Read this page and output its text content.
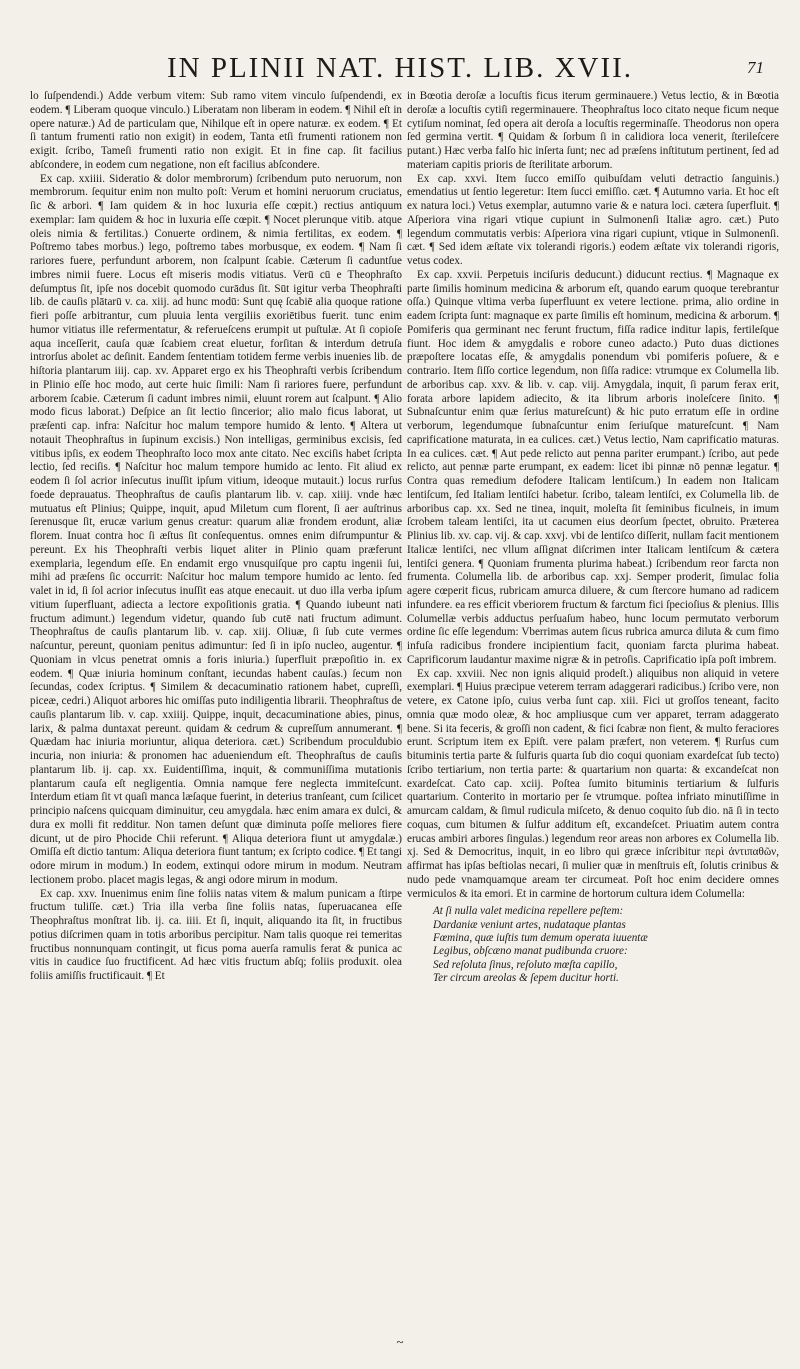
IN PLINII NAT. HIST. LIB. XVII.	71

lo ſuſpendendi.) Adde verbum vitem: Sub ramo vitem vinculo ſuſpendendi, ex eodem. ¶ Liberam quoque vinculo.) Liberatam non liberam in eodem. ¶ Nihil eſt in opere naturæ.) Ad de particulam que, Nihilque eſt in opere naturæ. ex eodem. ¶ Et ſi tantum frumenti ratio non exigit) in eodem, Tanta etſi frumenti rationem non exigit. ſcribo, Tameſi frumenti ratio non exigit. Et in fine cap. ſit facilius abſcondere, in eodem cum negatione, non eſt facilius abſcondere.

Ex cap. xxiiii. Sideratio & dolor membrorum) ſcribendum puto neruorum, non membrorum. ſequitur enim non multo poſt: Verum et homini neruorum cruciatus, ſic & arbori. ¶ Iam quidem & in hoc luxuria eſſe cœpit.) rectius antiquum exemplar: Iam quidem & hoc in luxuria eſſe cœpit. ¶ Nocet plerunque vitib. atque oleis nimia & fertilitas.) Conuerte ordinem, & nimia fertilitas, ex eodem. ¶ Poſtremo tabes morbus.) lego, poſtremo tabes morbusque, ex eodem. ¶ Nam ſi rariores fuere, perfundunt arborem, non ſcalpunt ſcabie. Cæterum ſi caduntſue imbres nimii fuere. Locus eſt miseris modis vitiatus. Verū cū e Theophraſto deſumptus ſit, ipſe nos docebit quomodo curādus ſit. Sūt igitur verba Theophraſti lib. de cauſis plātarū v. ca. xiij. ad hunc modū: Sunt quę ſcabiē alia quoque ratione fieri poſſe arbitrantur, cum pluuia lenta vergiliis exoriētibus fuerit. tunc enim humor vitiatus ille refermentatur, & referueſcens erumpit ut puſtulæ. At ſi copioſe aqua inceſſerit, cauſa quæ ſcabiem creat eluetur, forſitan & interdum detruſa introrſus abolet ac deſinit. Eandem ſententiam totidem ferme verbis inuenies lib. de hiſtoria plantarum iiij. cap. xv. Apparet ergo ex his Theophraſti verbis ſcribendum in Plinio eſſe hoc modo, aut certe huic ſimili: Nam ſi rariores fuere, perfundunt arborem ſcabie. Cæterum ſi cadunt imbres nimii, eluunt rorem aut ſcalpunt. ¶ Alio modo ficus laborat.) Deſpice an ſit lectio ſincerior; alio malo ficus laborat, ut præſenti cap. infra: Naſcitur hoc malum tempore humido & lento. ¶ Altera ut notauit Theophraſtus in ſupinum excisis.) Non intelligas, germinibus excisis, ſed vitibus ipſis, ex eodem Theophraſto loco mox ante citato. Nec exciſis habet ſcripta lectio, ſed reciſis. ¶ Naſcitur hoc malum tempore humido ac lento. Fit aliud ex eodem ſi ſol acrior inſecutus inuſſit ipſum vitium, ideoque mutauit.) locus rurſus foede deprauatus. Theophraſtus de cauſis plantarum lib. v. cap. xiiij. vnde hæc mutuatus eſt Plinius; Quippe, inquit, apud Miletum cum florent, ſi aer auſtrinus ſerenusque ſit, erucæ varium genus creatur: quarum aliæ frondem erodunt, aliæ florem. Inuat contra hoc ſi æſtus ſit conſequentus. omnes enim diſrumpuntur & pereunt. Ex his Theophraſti verbis liquet aliter in Plinio quam præferunt exemplaria, legendum eſſe. En endamit ergo vnusquiſque pro captu ingenii ſui, mihi ad præſens ſic occurrit: Naſcitur hoc malum tempore humido ac lento. ſed valet in id, ſi ſol acrior inſecutus inuſſit eas atque enecauit. ut duo illa verba ipſum vitium ſuperfluant, adiecta a lectore expoſitionis gratia. ¶ Quando iubeunt nati fructum adimunt.) legendum videtur, quando ſub cutē nati fructum adimunt. Theophraſtus de cauſis plantarum lib. v. cap. xiij. Oliuæ, ſi ſub cute vermes naſcuntur, pereunt, quoniam penitus adimuntur: ſed ſi in ipſo nucleo, augentur. ¶ Quoniam in vlcus penetrat omnis a foris iniuria.) ſuperfluit præpoſitio in. ex eodem. ¶ Quæ iniuria hominum conſtant, iecundas habent cauſas.) ſecum non ſecundas, codex ſcriptus. ¶ Similem & decacuminatio rationem habet, cupreſſi, piceæ, cedri.) Aliquot arbores hic omiſſas puto indiligentia librarii. Theophraſtus de cauſis plantarum lib. v. cap. xxiiij. Quippe, inquit, decacuminatione abies, pinus, larix, & palma duntaxat pereunt. quidam & cedrum & cupreſſum annumerant. ¶ Quædam hac iniuria moriuntur, aliqua deteriora. cæt.) Scribendum proculdubio incuria, non iniuria: & pronomen hac adueniendum eſt. Theophraſtus de cauſis plantarum lib. ij. cap. xx. Euidentiſſima, inquit, & communiſſima mutationis plantarum cauſa eſt negligentia. Omnia namque fere neglecta immiteſcunt. Interdum etiam ſit vt quaſi manca læſaque fuerint, in deterius tranſeant, cum ſcilicet principio naſcens quicquam diminuitur, ceu amygdala. hæc enim amara ex dulci, & dura ex molli fit redditur. Non tamen deſunt quæ diminuta poſſe meliores fiere dicunt, ut de piro Phocide Chii referunt. ¶ Aliqua deteriora fiunt ut amygdalæ.) Omiſſa eſt dictio tantum: Aliqua deteriora fiunt tantum; ex ſcripto codice. ¶ Et tangi odore mirum in modum.) In eodem, extinqui odore mirum in modum. Neutram lectionem probo. placet magis legas, & angi odore mirum in modum.

Ex cap. xxv. Inuenimus enim ſine foliis natas vitem & malum punicam a ſtirpe fructum tuliſſe. cæt.) Tria illa verba ſine foliis natas, ſuperuacanea eſſe Theophraſtus monſtrat lib. ij. ca. iiii. Et ſi, inquit, aliquando ita ſit, in fructibus potius diſcrimen quam in totis arboribus percipitur. Nam talis quoque rei temeritas fructibus nonnunquam contingit, ut ficus poma auerſa ramulis ferat & punica ac vitis in caudice ſuo fructificent. Ad hæc vitis fructum abſq; foliis produxit. olea foliis amiſſis fructificauit. ¶ Et

in Bœotia deroſæ a locuſtis ficus iterum germinauere.) Vetus lectio, & in Bœotia deroſæ a locuſtis cytiſi regerminauere. Theophraſtus loco citato neque ficum neque cytiſum nominat, ſed opera ait deroſa a locuſtis regerminaſſe. Theodorus non opera ſed germina vertit. ¶ Quidam & ſorbum ſi in calidiora loca venerit, ſterileſcere putant.) Hæc verba falſo hic inſerta ſunt; nec ad præſens inſtitutum pertinent, ſed ad materiam capitis prioris de ſterilitate arborum.

Ex cap. xxvi. Item ſucco emiſſo quibuſdam veluti detractio ſanguinis.) emendatius ut ſentio legeretur: Item ſucci emiſſio. cæt. ¶ Autumno varia. Et hoc eſt ex natura loci.) Vetus exemplar, autumno varie & e natura loci. cætera ſuperfluit. ¶ Aſperiora vina rigari vtique cupiunt in Sulmonenſi Italiæ agro. cæt.) Puto legendum commutatis verbis: Aſperiora vina rigari cupiunt, vtique in Sulmonenſi. cæt. ¶ Sed idem æſtate vix tolerandi rigoris.) eodem æſtate vix tolerandi rigoris, vetus codex.

Ex cap. xxvii. Perpetuis inciſuris deducunt.) diducunt rectius. ¶ Magnaque ex parte ſimilis hominum medicina & arborum eſt, quando earum quoque terebrantur oſſa.) Quinque vltima verba ſuperfluunt ex vetere lectione. prima, alio ordine in eadem ſcripta ſunt: magnaque ex parte ſimilis eſt hominum, medicina & arborum. ¶ Pomiferis qua germinant nec ferunt fructum, fiſſa radice inditur lapis, fertileſque fiunt. Hoc idem & amygdalis e robore cuneo adacto.) Puto duas dictiones præpoſtere locatas eſſe, & amygdalis ponendum vbi pomiferis poſuere, & e contrario. Item ſiſſo cortice legendum, non ſiſſa radice: vtrumque ex Columella lib. de arboribus cap. xxv. & lib. v. cap. viij. Amygdala, inquit, ſi parum ferax erit, forata arbore lapidem adiecito, & ita librum arboris inoleſcere ſinito. ¶ Subnaſcuntur enim quæ ſerius matureſcunt) & hic puto erratum eſſe in ordine verborum, legendumque ſubnaſcuntur enim ſeriuſque matureſcunt. ¶ Nam caprificatione maturata, in ea culices. cæt.) Vetus lectio, Nam caprificatio maturas. In ea culices. cæt. ¶ Aut pede relicto aut penna pariter erumpant.) ſcribo, aut pede relicto, aut pennæ parte erumpant, ex eadem: licet ibi pinnæ nō pennæ legatur. ¶ Contra quas remedium defodere Italicam lentiſcum.) In eadem non Italicam lentiſcum, ſed Italiam lentiſci habetur. ſcribo, taleam lentiſci, ex Columella lib. de arboribus cap. xx. Sed ne tinea, inquit, moleſta ſit ſeminibus ficulneis, in imum ſcrobem taleam lentiſci, ita ut cacumen eius deorſum ſpectet, obruito. Præterea Plinius lib. xv. cap. vij. & cap. xxvj. vbi de lentiſco diſſerit, nullam facit mentionem Italicæ lentiſci, nec vllum aſſignat diſcrimen inter Italicam lentiſcum & cætera lentiſci genera. ¶ Quoniam frumenta plurima habeat.) ſcribendum reor farcta non frumenta. Columella lib. de arboribus cap. xxj. Semper proderit, ſimulac folia agere cœperit ficus, rubricam amurca diluere, & cum ſtercore humano ad radicem infundere. ea res efficit vberiorem fructum & farctum fici ſpecioſius & plenius. Illis Columellæ verbis adductus perſuaſum habeo, hunc locum permutato verborum ordine ſic eſſe legendum: Vberrimas autem ſicus rubrica amurca diluta & cum fimo infuſa radicibus frondere incipientium facit, quoniam farcta plurima habeat. Caprificorum laudantur maxime nigræ & in petroſis. Caprificatio ipſa poſt imbrem.

Ex cap. xxviii. Nec non ignis aliquid prodeſt.) aliquibus non aliquid in vetere exemplari. ¶ Huius præcipue veterem terram adaggerari radicibus.) ſcribo vere, non vetere, ex Catone ipſo, cuius verba ſunt cap. xiii. Fici ut groſſos teneant, facito omnia quæ modo oleæ, & hoc ampliusque cum ver apparet, terram adaggerato bene. Si ita feceris, & groſſi non cadent, & fici ſcabræ non fient, & multo feraciores erunt. Scriptum item ex Epiſt. vere palam præfert, non veterem. ¶ Rurſus cum bituminis tertia parte & ſulfuris quarta ſub dio coqui quoniam exardeſcat ſub tecto) ſcribo tertiarium, non tertia parte: & quartarium non quarta: & excandeſcat non exardeſcat. Cato cap. xciij. Poſtea ſumito bituminis tertiarium & ſulfuris quartarium. Conterito in mortario per ſe vtrumque. poſtea infriato minutiſſime in amurcam caldam, & ſimul rudicula miſceto, & denuo coquito ſub dio. nā ſi in tecto coquas, cum bitumen & ſulfur additum eſt, excandeſcet. Priuatim autem contra erucas ambiri arbores ſingulas.) legendum reor areas non arbores ex Columella lib. xj. Sed & Democritus, inquit, in eo libro qui græce inſcribitur περὶ ἀντιπαθῶν, affirmat has ipſas beſtiolas necari, ſi mulier quæ in menſtruis eſt, ſolutis crinibus & nudo pede vnamquamque aream ter circumeat. Poſt hoc enim decidere omnes vermiculos & ita emori. Et in carmine de hortorum cultura idem Columella:

At ſi nulla valet medicina repellere peſtem:
Dardaniæ veniunt artes, nudataque plantas
Fœmina, quæ iuſtis tum demum operata iuuentæ
Legibus, obſcæno manat pudibunda cruore:
Sed reſoluta ſinus, reſoluto mœſta capillo,
Ter circum areolas & ſepem ducitur horti.
~
